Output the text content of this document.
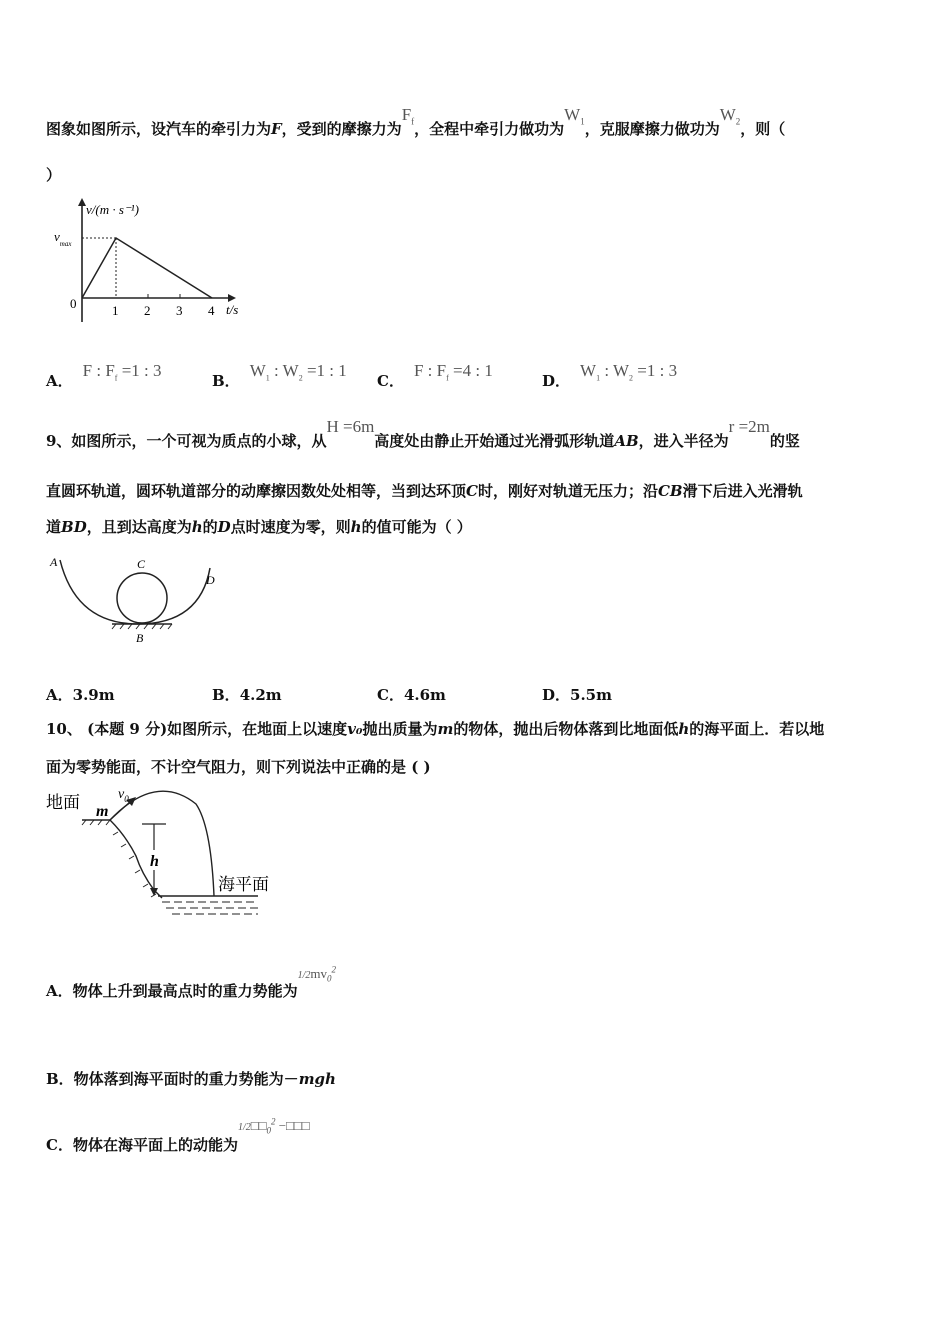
图象如图所示，设汽车的牵引力为F，受到的摩擦力为$F_f$，全程中牵引力做功为$W_1$，克服摩擦力做功为$W_2$，则（
）
v/(m · s⁻¹)
$v_{max}$
0	1 2 3 4 t/s
A．F : $F_f =1$ : 3
B．$W_1$ : $W_2 =1$ : 1
C．F : $F_f =4$ : 1
D．$W_1$ : $W_2 =1$ : 3
9、如图所示，一个可视为质点的小球，从H =6m高度处由静止开始通过光滑弧形轨道AB，进入半径为r =2m的竖
直圆环轨道，圆环轨道部分的动摩擦因数处处相等，当到达环顶C时，刚好对轨道无压力；沿CB滑下后进入光滑轨
道BD，且到达高度为h的D点时速度为零，则h的值可能为（ ）
A
B
C
D
A．3.9m	B．4.2m	C．4.6m	D．5.5m
10、 (本题 9 分)如图所示，在地面上以速度v₀抛出质量为m的物体，抛出后物体落到比地面低h的海平面上．若以地
面为零势能面，不计空气阻力，则下列说法中正确的是 ( )
地面 m
$v_0$
h
海平面
A．物体上升到最高点时的重力势能为$1/2mv_0^2$
B．物体落到海平面时的重力势能为－mgh
C．物体在海平面上的动能为$1/2□□_0^2$ −□□□
